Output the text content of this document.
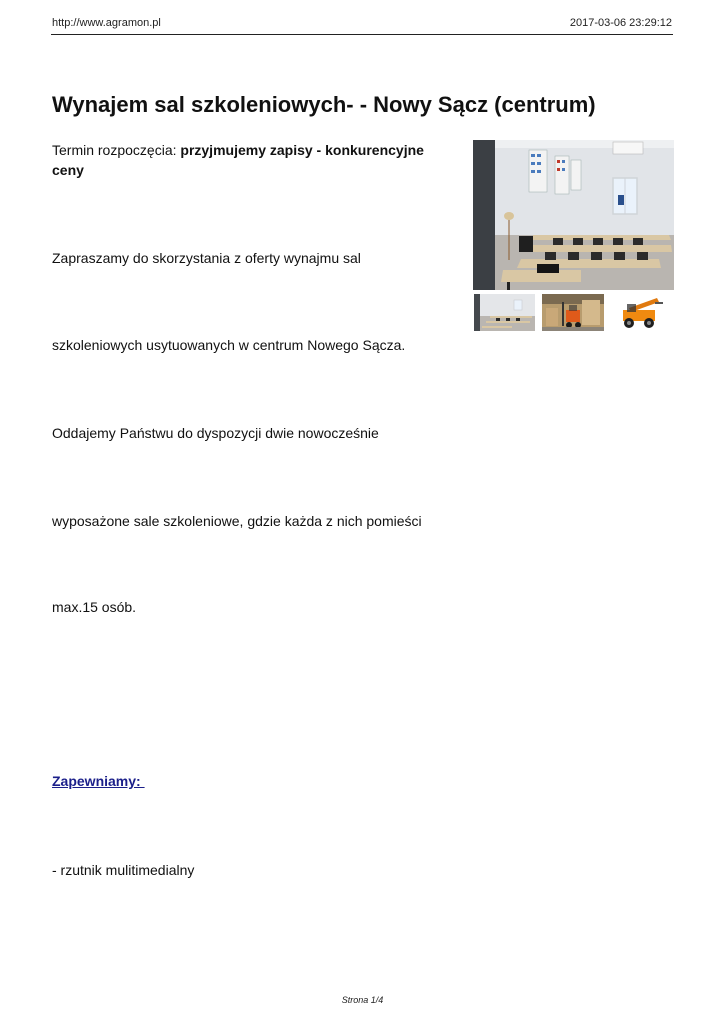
http://www.agramon.pl	2017-03-06 23:29:12
Wynajem sal szkoleniowych- - Nowy Sącz (centrum)
Termin rozpoczęcia: przyjmujemy zapisy - konkurencyjne ceny
Zapraszamy do skorzystania z oferty wynajmu sal
szkoleniowych usytuowanych w centrum Nowego Sącza.
Oddajemy Państwu do dyspozycji dwie nowocześnie
wyposażone sale szkoleniowe, gdzie każda z nich pomieści
max.15 osób.
Zapewniamy:
- rzutnik mulitimedialny
Strona 1/4
